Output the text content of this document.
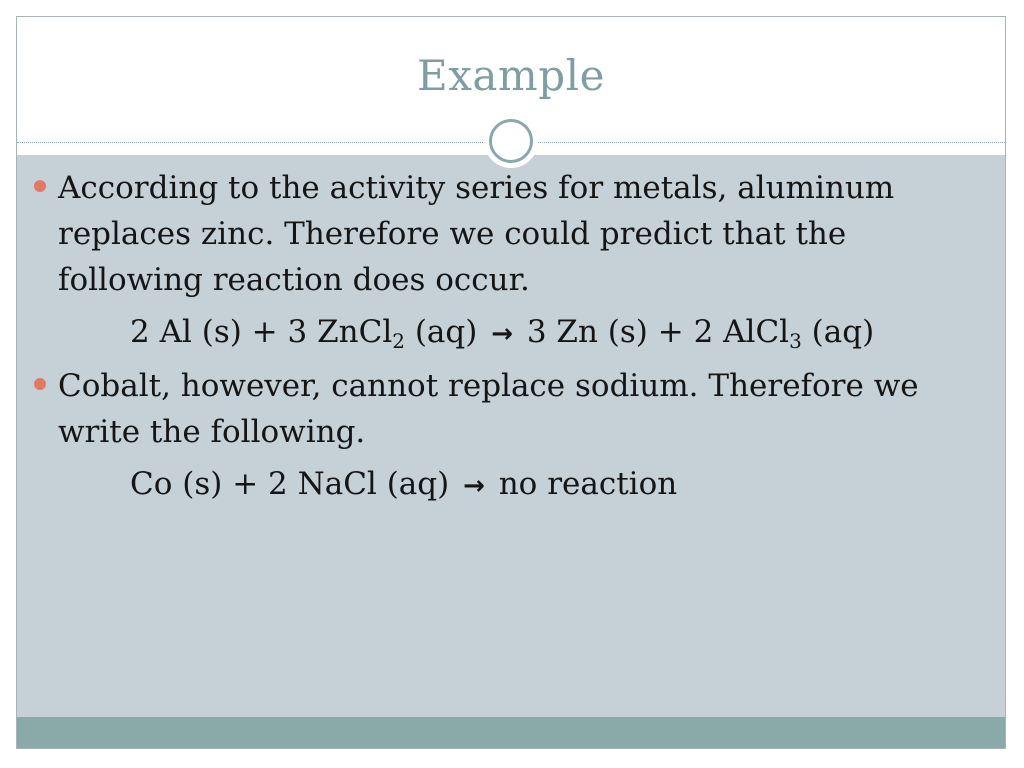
Example

According to the activity series for metals, aluminum replaces zinc. Therefore we could predict that the following reaction does occur.

2 Al (s) + 3 ZnCl$_2$ (aq) → 3 Zn (s) + 2 AlCl$_3$ (aq)

Cobalt, however, cannot replace sodium. Therefore we write the following.

Co (s) + 2 NaCl (aq) → no reaction
